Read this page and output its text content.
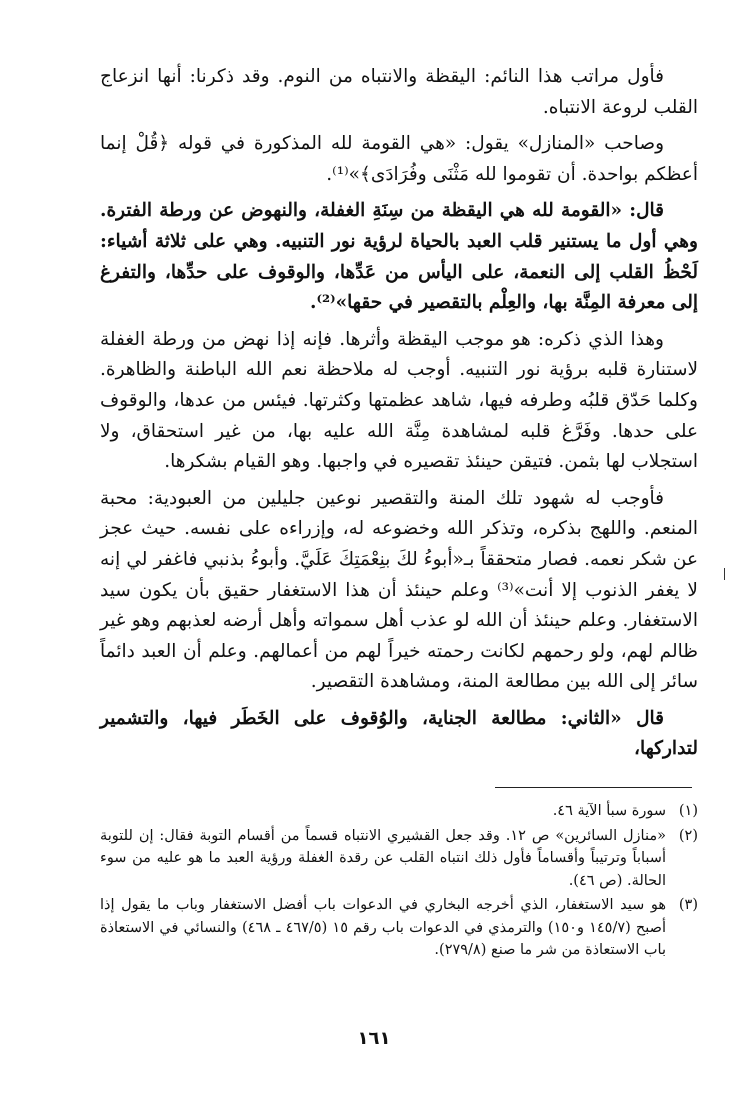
فأول مراتب هذا النائم: اليقظة والانتباه من النوم. وقد ذكرنا: أنها انزعاج القلب لروعة الانتباه.

وصاحب «المنازل» يقول: «هي القومة لله المذكورة في قوله ﴿قُلْ إنما أعظكم بواحدة. أن تقوموا لله مَثْنَى وفُرَادَى﴾»⁽¹⁾.

قال: «القومة لله هي اليقظة من سِنَةِ الغفلة، والنهوض عن ورطة الفترة. وهي أول ما يستنير قلب العبد بالحياة لرؤية نور التنبيه. وهي على ثلاثة أشياء: لَحْظُ القلب إلى النعمة، على اليأس من عَدِّها، والوقوف على حدِّها، والتفرغ إلى معرفة المِنَّة بها، والعِلْم بالتقصير في حقها»⁽²⁾.

وهذا الذي ذكره: هو موجب اليقظة وأثرها. فإنه إذا نهض من ورطة الغفلة لاستنارة قلبه برؤية نور التنبيه. أوجب له ملاحظة نعم الله الباطنة والظاهرة. وكلما حَدّق قلبُه وطرفه فيها، شاهد عظمتها وكثرتها. فيئس من عدها، والوقوف على حدها. وفَرَّغ قلبه لمشاهدة مِنَّة الله عليه بها، من غير استحقاق، ولا استجلاب لها بثمن. فتيقن حينئذ تقصيره في واجبها. وهو القيام بشكرها.

فأوجب له شهود تلك المنة والتقصير نوعين جليلين من العبودية: محبة المنعم. واللهج بذكره، وتذكر الله وخضوعه له، وإزراءه على نفسه. حيث عجز عن شكر نعمه. فصار متحققاً بـ«أبوءُ لكَ بنِعْمَتِكَ عَلَيَّ. وأبوءُ بذنبي فاغفر لي إنه لا يغفر الذنوب إلا أنت»⁽³⁾ وعلم حينئذ أن هذا الاستغفار حقيق بأن يكون سيد الاستغفار. وعلم حينئذ أن الله لو عذب أهل سمواته وأهل أرضه لعذبهم وهو غير ظالم لهم، ولو رحمهم لكانت رحمته خيراً لهم من أعمالهم. وعلم أن العبد دائماً سائر إلى الله بين مطالعة المنة، ومشاهدة التقصير.

قال «الثاني: مطالعة الجناية، والوُقوف على الخَطَر فيها، والتشمير لتداركها،

(١)
سورة سبأ الآية ٤٦.
(٢)
«منازل السائرين» ص ١٢. وقد جعل القشيري الانتباه قسماً من أقسام التوبة فقال: إن للتوبة أسباباً وترتيباً وأقساماً فأول ذلك انتباه القلب عن رقدة الغفلة ورؤية العبد ما هو عليه من سوء الحالة. (ص ٤٦).
(٣)
هو سيد الاستغفار، الذي أخرجه البخاري في الدعوات باب أفضل الاستغفار وباب ما يقول إذا أصبح (١٤٥/٧ و١٥٠) والترمذي في الدعوات باب رقم ١٥ (٤٦٧/٥ ـ ٤٦٨) والنسائي في الاستعاذة باب الاستعاذة من شر ما صنع (٢٧٩/٨).
١٦١
